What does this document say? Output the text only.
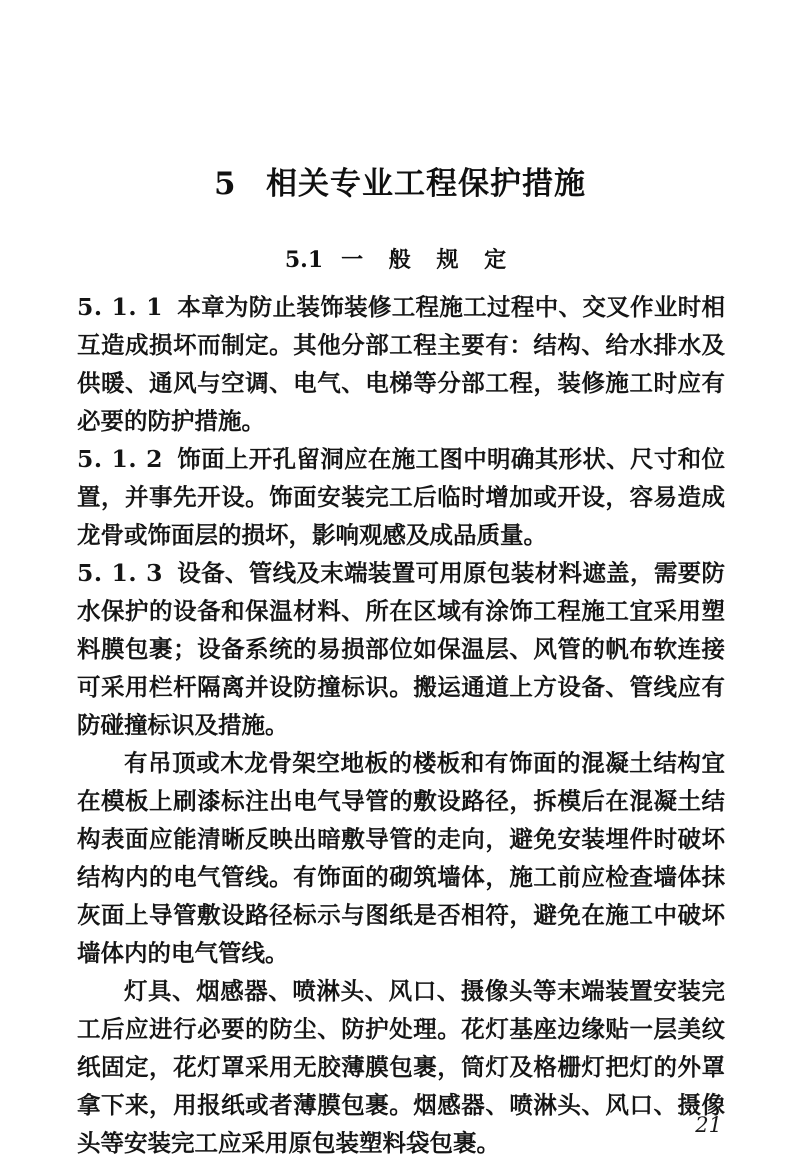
5 相关专业工程保护措施
5.1 一 般 规 定

5. 1. 1 本章为防止装饰装修工程施工过程中、交叉作业时相互造成损坏而制定。其他分部工程主要有：结构、给水排水及供暖、通风与空调、电气、电梯等分部工程，装修施工时应有必要的防护措施。

5. 1. 2 饰面上开孔留洞应在施工图中明确其形状、尺寸和位置，并事先开设。饰面安装完工后临时增加或开设，容易造成龙骨或饰面层的损坏，影响观感及成品质量。

5. 1. 3 设备、管线及末端装置可用原包装材料遮盖，需要防水保护的设备和保温材料、所在区域有涂饰工程施工宜采用塑料膜包裹；设备系统的易损部位如保温层、风管的帆布软连接可采用栏杆隔离并设防撞标识。搬运通道上方设备、管线应有防碰撞标识及措施。

有吊顶或木龙骨架空地板的楼板和有饰面的混凝土结构宜在模板上刷漆标注出电气导管的敷设路径，拆模后在混凝土结构表面应能清晰反映出暗敷导管的走向，避免安装埋件时破坏结构内的电气管线。有饰面的砌筑墙体，施工前应检查墙体抹灰面上导管敷设路径标示与图纸是否相符，避免在施工中破坏墙体内的电气管线。

灯具、烟感器、喷淋头、风口、摄像头等末端装置安装完工后应进行必要的防尘、防护处理。花灯基座边缘贴一层美纹纸固定，花灯罩采用无胶薄膜包裹，筒灯及格栅灯把灯的外罩拿下来，用报纸或者薄膜包裹。烟感器、喷淋头、风口、摄像头等安装完工应采用原包装塑料袋包裹。

21
